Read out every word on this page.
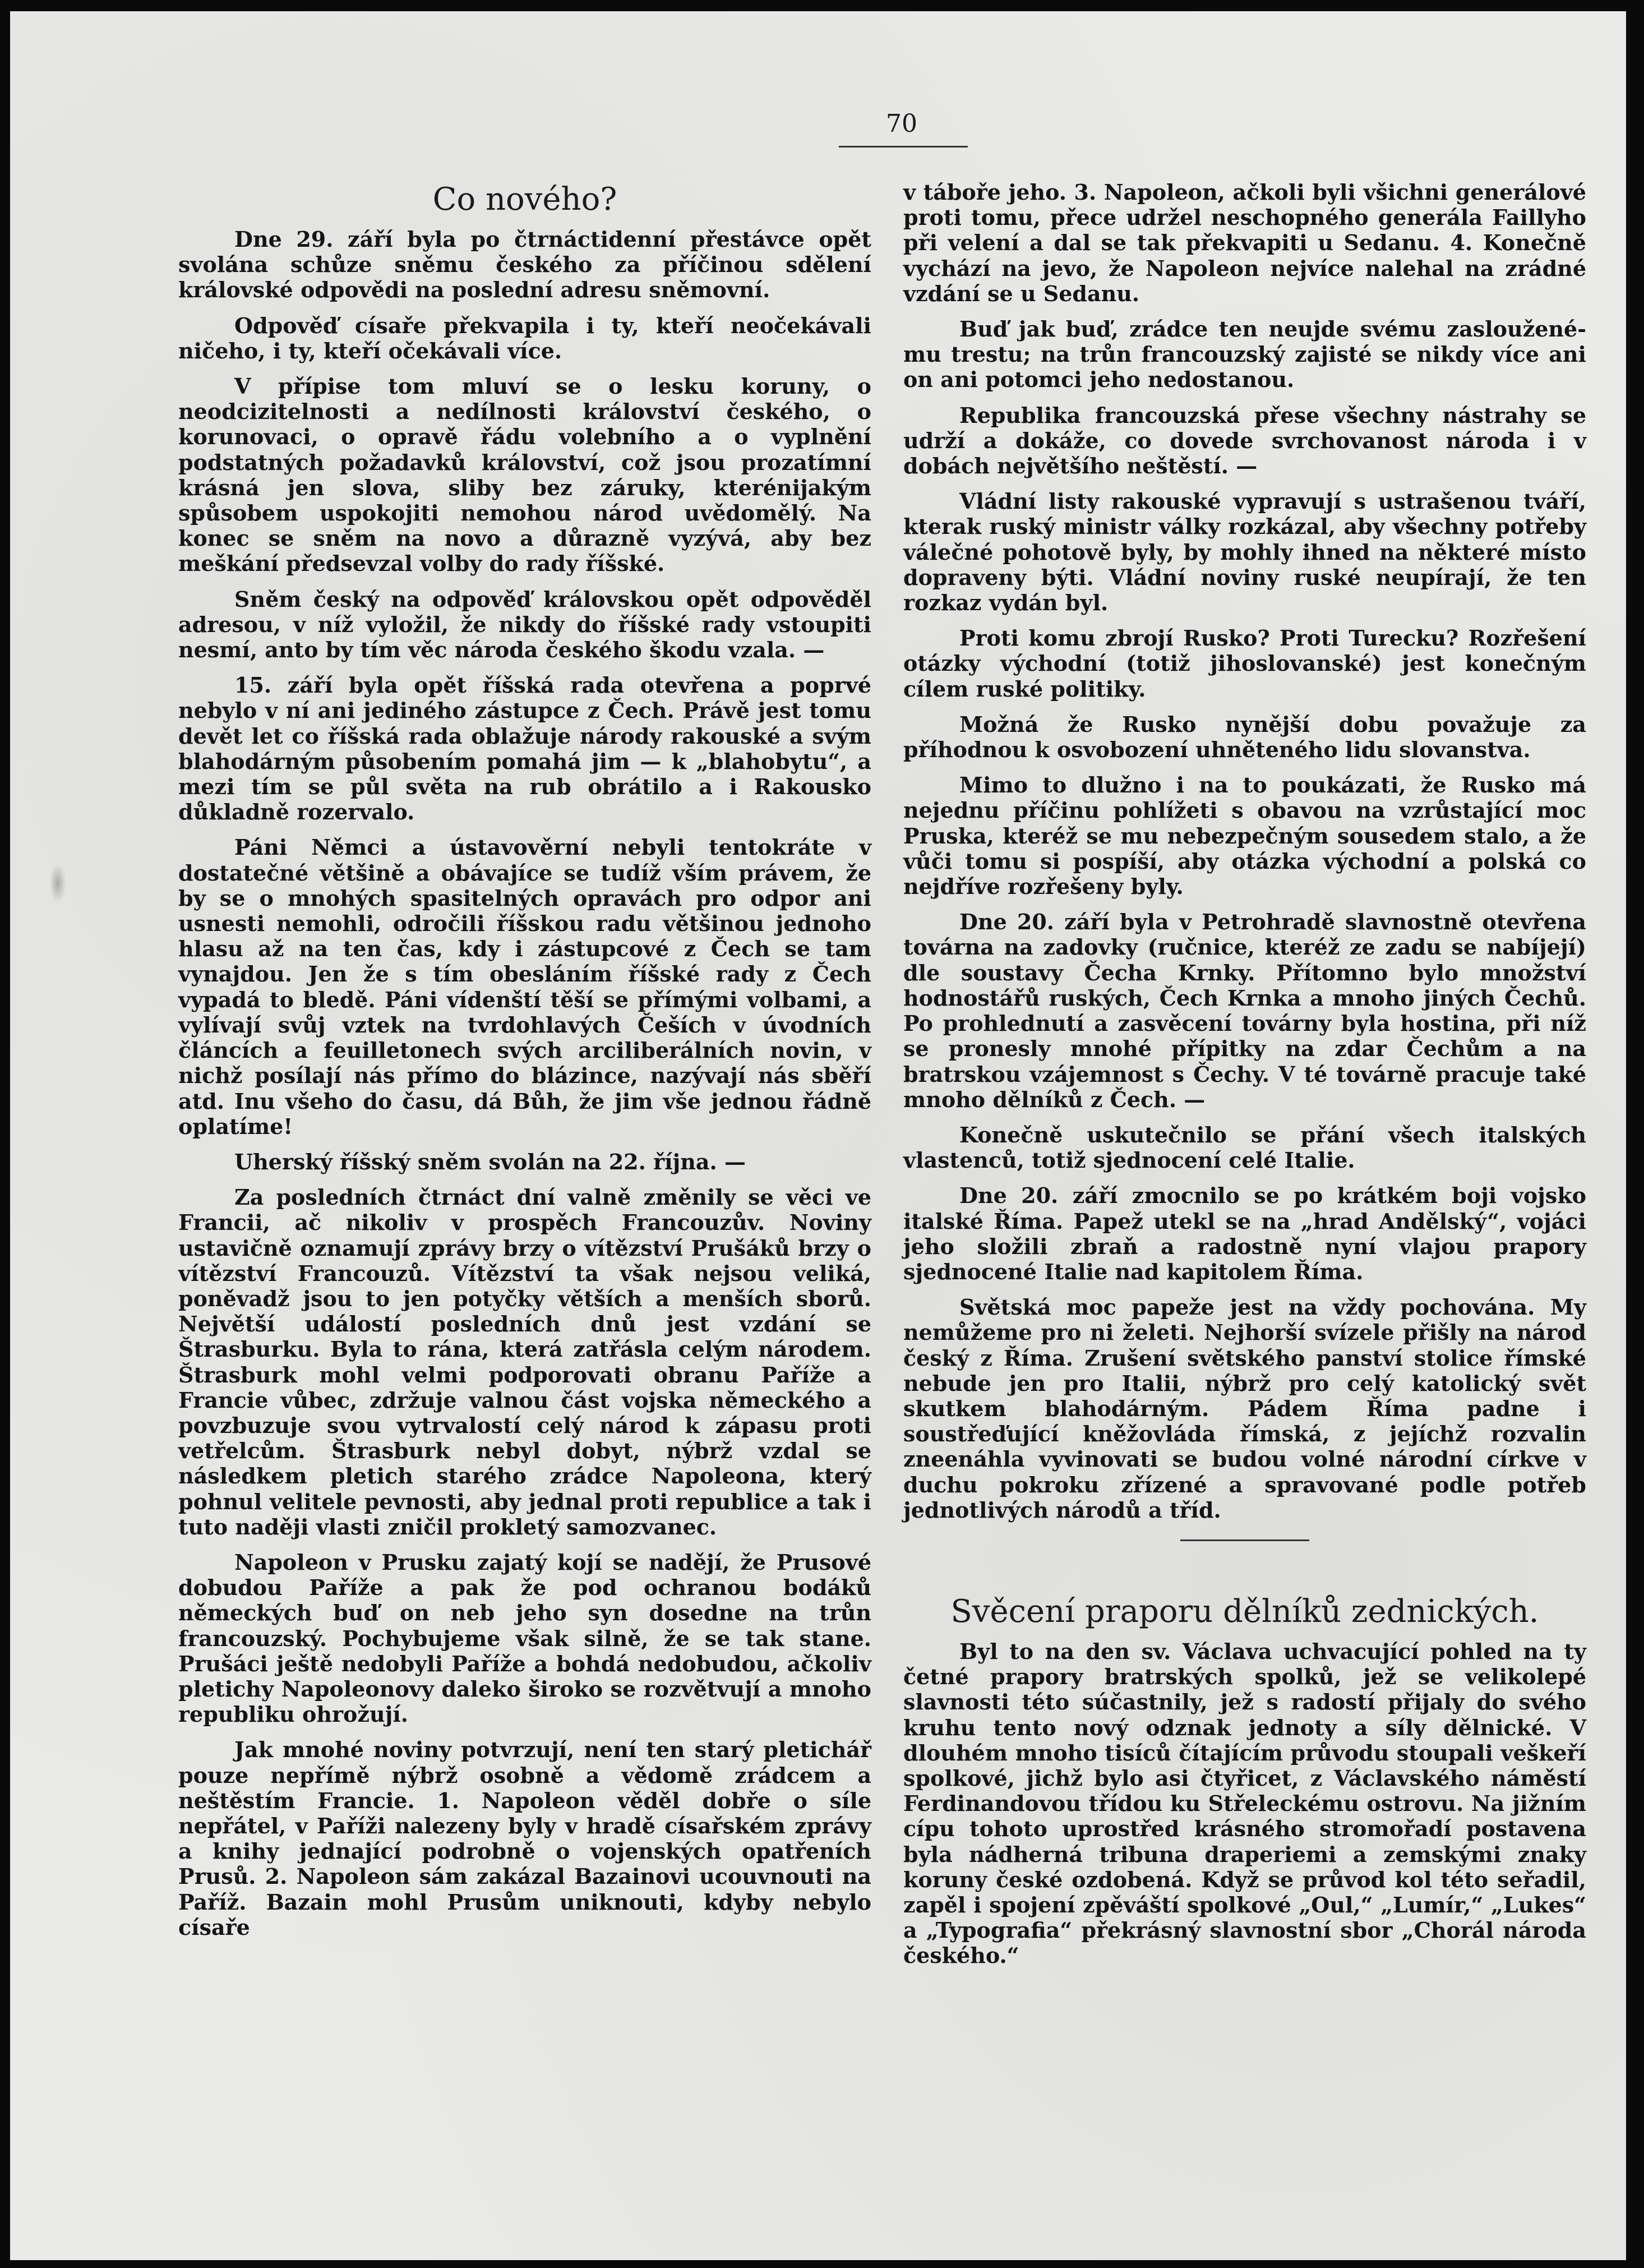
70
Co nového?

Dne 29. září byla po čtrnáctidenní přestávce opět svolána schůze sněmu českého za příčinou sdělení královské odpovědi na poslední adresu sněmovní.

Odpověď císaře překvapila i ty, kteří neočekávali ničeho, i ty, kteří očekávali více.

V přípise tom mluví se o lesku koruny, o neodcizitelnosti a nedílnosti království českého, o korunovaci, o opravě řádu volebního a o vyplnění podstatných požadavků království, což jsou prozatímní krásná jen slova, sliby bez záruky, kterénijakým spůsobem uspokojiti nemohou národ uvědomělý. Na konec se sněm na novo a důrazně vyzývá, aby bez meškání předsevzal volby do rady říšské.

Sněm český na odpověď královskou opět odpověděl adresou, v níž vyložil, že nikdy do říšské rady vstoupiti nesmí, anto by tím věc národa českého škodu vzala. —

15. září byla opět říšská rada otevřena a poprvé nebylo v ní ani jediného zástupce z Čech. Právě jest tomu devět let co říšská rada oblažuje národy rakouské a svým blahodárným působením pomahá jim — k „blahobytu“, a mezi tím se půl světa na rub obrátilo a i Rakousko důkladně rozervalo.

Páni Němci a ústavověrní nebyli tentokráte v dostatečné většině a obávajíce se tudíž vším právem, že by se o mnohých spasitelných opravách pro odpor ani usnesti nemohli, odročili říšskou radu většinou jednoho hlasu až na ten čas, kdy i zástupcové z Čech se tam vynajdou. Jen že s tím obesláním říšské rady z Čech vypadá to bledě. Páni vídenští těší se přímými volbami, a vylívají svůj vztek na tvrdohlavých Češích v úvodních článcích a feuilletonech svých arciliberálních novin, v nichž posílají nás přímo do blázince, nazývají nás sběří atd. Inu všeho do času, dá Bůh, že jim vše jednou řádně oplatíme!

Uherský říšský sněm svolán na 22. října. —

Za posledních čtrnáct dní valně změnily se věci ve Francii, ač nikoliv v prospěch Francouzův. Noviny ustavičně oznamují zprávy brzy o vítězství Prušáků brzy o vítězství Francouzů. Vítězství ta však nejsou veliká, poněvadž jsou to jen potyčky větších a menších sborů. Největší událostí posledních dnů jest vzdání se Štrasburku. Byla to rána, která zatřásla celým národem. Štrasburk mohl velmi podporovati obranu Paříže a Francie vůbec, zdržuje valnou část vojska německého a povzbuzuje svou vytrvalostí celý národ k zápasu proti vetřelcům. Štrasburk nebyl dobyt, nýbrž vzdal se následkem pletich starého zrádce Napoleona, který pohnul velitele pevnosti, aby jednal proti republice a tak i tuto naději vlasti zničil prokletý samozvanec.

Napoleon v Prusku zajatý kojí se nadějí, že Prusové dobudou Paříže a pak že pod ochranou bodáků německých buď on neb jeho syn dosedne na trůn francouzský. Pochybujeme však silně, že se tak stane. Prušáci ještě nedobyli Paříže a bohdá nedobudou, ačkoliv pletichy Napoleonovy daleko široko se rozvětvují a mnoho republiku ohrožují.

Jak mnohé noviny potvrzují, není ten starý pletichář pouze nepřímě nýbrž osobně a vědomě zrádcem a neštěstím Francie. 1. Napoleon věděl dobře o síle nepřátel, v Paříži nalezeny byly v hradě císařském zprávy a knihy jednající podrobně o vojenských opatřeních Prusů. 2. Napoleon sám zakázal Bazainovi ucouvnouti na Paříž. Bazain mohl Prusům uniknouti, kdyby nebylo císaře

v táboře jeho. 3. Napoleon, ačkoli byli všichni generálové proti tomu, přece udržel neschopného generála Faillyho při velení a dal se tak překvapiti u Sedanu. 4. Konečně vychází na jevo, že Napoleon nejvíce nalehal na zrádné vzdání se u Sedanu.

Buď jak buď, zrádce ten neujde svému zasloužené-mu trestu; na trůn francouzský zajisté se nikdy více ani on ani potomci jeho nedostanou.

Republika francouzská přese všechny nástrahy se udrží a dokáže, co dovede svrchovanost národa i v dobách největšího neštěstí. —

Vládní listy rakouské vypravují s ustrašenou tváří, kterak ruský ministr války rozkázal, aby všechny potřeby válečné pohotově byly, by mohly ihned na některé místo dopraveny býti. Vládní noviny ruské neupírají, že ten rozkaz vydán byl.

Proti komu zbrojí Rusko? Proti Turecku? Rozřešení otázky východní (totiž jihoslovanské) jest konečným cílem ruské politiky.

Možná že Rusko nynější dobu považuje za příhodnou k osvobození uhněteného lidu slovanstva.

Mimo to dlužno i na to poukázati, že Rusko má nejednu příčinu pohlížeti s obavou na vzrůstající moc Pruska, kteréž se mu nebezpečným sousedem stalo, a že vůči tomu si pospíší, aby otázka východní a polská co nejdříve rozřešeny byly.

Dne 20. září byla v Petrohradě slavnostně otevřena továrna na zadovky (ručnice, kteréž ze zadu se nabíjejí) dle soustavy Čecha Krnky. Přítomno bylo množství hodnostářů ruských, Čech Krnka a mnoho jiných Čechů. Po prohlednutí a zasvěcení továrny byla hostina, při níž se pronesly mnohé přípitky na zdar Čechům a na bratrskou vzájemnost s Čechy. V té továrně pracuje také mnoho dělníků z Čech. —

Konečně uskutečnilo se přání všech italských vlastenců, totiž sjednocení celé Italie.

Dne 20. září zmocnilo se po krátkém boji vojsko italské Říma. Papež utekl se na „hrad Andělský“, vojáci jeho složili zbraň a radostně nyní vlajou prapory sjednocené Italie nad kapitolem Říma.

Světská moc papeže jest na vždy pochována. My nemůžeme pro ni želeti. Nejhorší svízele přišly na národ český z Říma. Zrušení světského panství stolice římské nebude jen pro Italii, nýbrž pro celý katolický svět skutkem blahodárným. Pádem Říma padne i soustřeďující kněžovláda římská, z jejíchž rozvalin zneenáhla vyvinovati se budou volné národní církve v duchu pokroku zřízené a spravované podle potřeb jednotlivých národů a tříd.

Svěcení praporu dělníků zednických.

Byl to na den sv. Václava uchvacující pohled na ty četné prapory bratrských spolků, jež se velikolepé slavnosti této súčastnily, jež s radostí přijaly do svého kruhu tento nový odznak jednoty a síly dělnické. V dlouhém mnoho tisíců čítajícím průvodu stoupali veškeří spolkové, jichž bylo asi čtyřicet, z Václavského náměstí Ferdinandovou třídou ku Střeleckému ostrovu. Na jižním cípu tohoto uprostřed krásného stromořadí postavena byla nádherná tribuna draperiemi a zemskými znaky koruny české ozdobená. Když se průvod kol této seřadil, zapěl i spojení zpěváští spolkové „Oul,“ „Lumír,“ „Lukes“ a „Typografia“ překrásný slavnostní sbor „Chorál národa českého.“
